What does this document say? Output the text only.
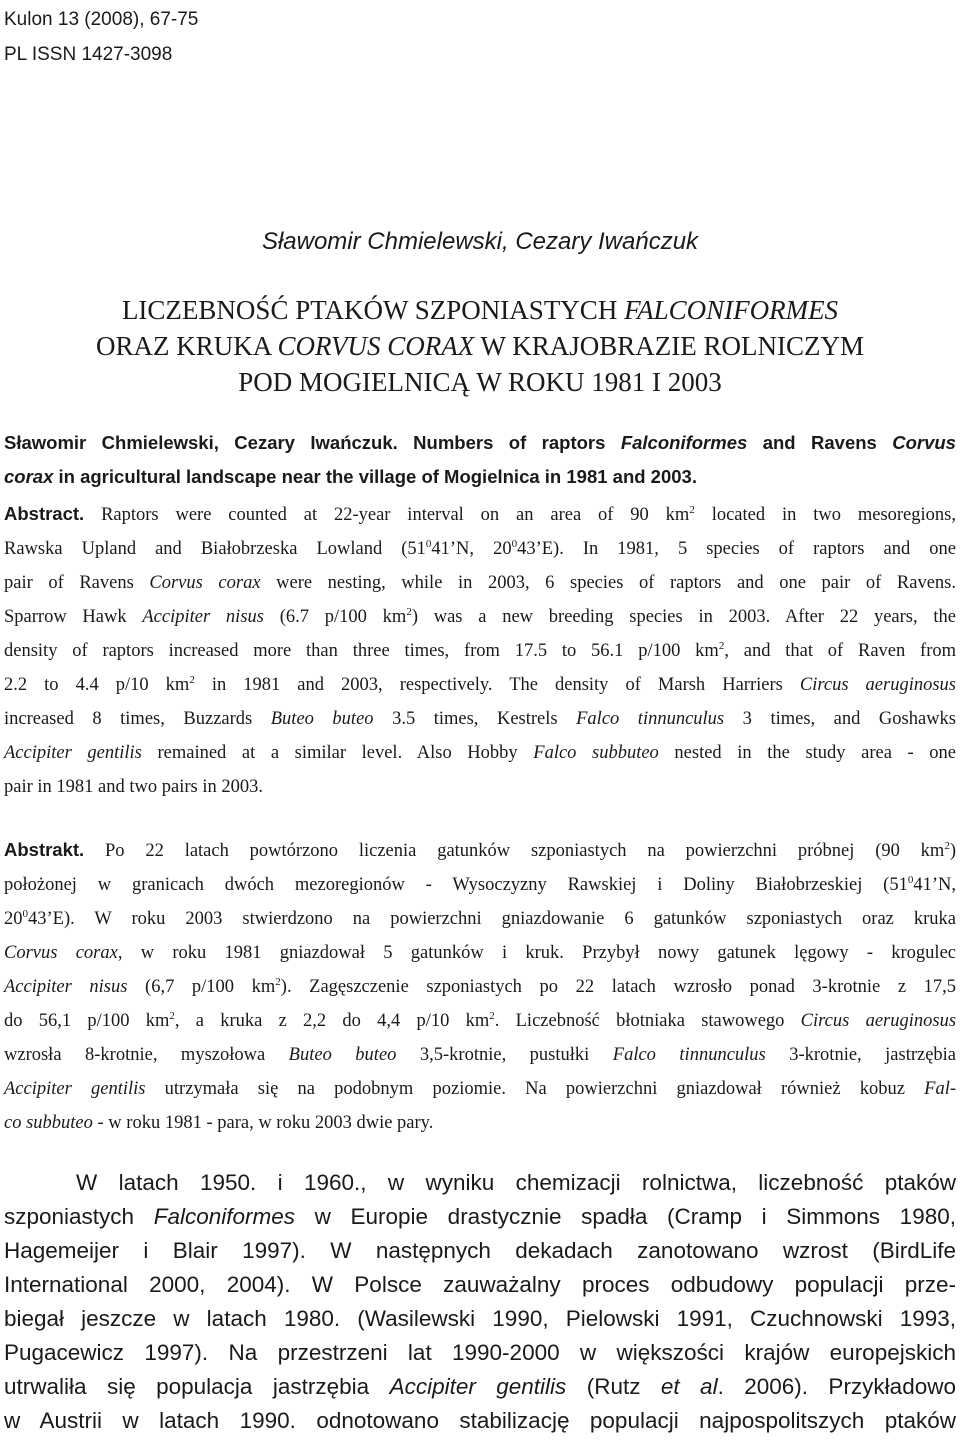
Kulon 13 (2008), 67-75
PL ISSN 1427-3098
Sławomir Chmielewski, Cezary Iwańczuk
LICZEBNOŚĆ PTAKÓW SZPONIASTYCH FALCONIFORMES
ORAZ KRUKA CORVUS CORAX W KRAJOBRAZIE ROLNICZYM
POD MOGIELNICĄ W ROKU 1981 I 2003
Sławomir Chmielewski, Cezary Iwańczuk. Numbers of raptors Falconiformes and Ravens Corvus
corax in agricultural landscape near the village of Mogielnica in 1981 and 2003.
Abstract. Raptors were counted at 22-year interval on an area of 90 $km^2$ located in two mesoregions,
Rawska Upland and Białobrzeska Lowland ($51^041’N$, $20^043’E$). In 1981, 5 species of raptors and one
pair of Ravens Corvus corax were nesting, while in 2003, 6 species of raptors and one pair of Ravens.
Sparrow Hawk Accipiter nisus (6.7 p/100 $km^2$) was a new breeding species in 2003. After 22 years, the
density of raptors increased more than three times, from 17.5 to 56.1 p/100 $km^2$, and that of Raven from
2.2 to 4.4 p/10 $km^2$ in 1981 and 2003, respectively. The density of Marsh Harriers Circus aeruginosus
increased 8 times, Buzzards Buteo buteo 3.5 times, Kestrels Falco tinnunculus 3 times, and Goshawks
Accipiter gentilis remained at a similar level. Also Hobby Falco subbuteo nested in the study area - one
pair in 1981 and two pairs in 2003.
Abstrakt. Po 22 latach powtórzono liczenia gatunków szponiastych na powierzchni próbnej (90 $km^2$)
położonej w granicach dwóch mezoregionów - Wysoczyzny Rawskiej i Doliny Białobrzeskiej ($51^041’N$,
$20^043’E$). W roku 2003 stwierdzono na powierzchni gniazdowanie 6 gatunków szponiastych oraz kruka
Corvus corax, w roku 1981 gniazdował 5 gatunków i kruk. Przybył nowy gatunek lęgowy - krogulec
Accipiter nisus (6,7 p/100 $km^2$). Zagęszczenie szponiastych po 22 latach wzrosło ponad 3-krotnie z 17,5
do 56,1 p/100 $km^2$, a kruka z 2,2 do 4,4 p/10 $km^2$. Liczebność błotniaka stawowego Circus aeruginosus
wzrosła 8-krotnie, myszołowa Buteo buteo 3,5-krotnie, pustułki Falco tinnunculus 3-krotnie, jastrzębia
Accipiter gentilis utrzymała się na podobnym poziomie. Na powierzchni gniazdował również kobuz Fal-
co subbuteo - w roku 1981 - para, w roku 2003 dwie pary.
W latach 1950. i 1960., w wyniku chemizacji rolnictwa, liczebność ptaków
szponiastych Falconiformes w Europie drastycznie spadła (Cramp i Simmons 1980,
Hagemeijer i Blair 1997). W następnych dekadach zanotowano wzrost (BirdLife
International 2000, 2004). W Polsce zauważalny proces odbudowy populacji prze-
biegał jeszcze w latach 1980. (Wasilewski 1990, Pielowski 1991, Czuchnowski 1993,
Pugacewicz 1997). Na przestrzeni lat 1990-2000 w większości krajów europejskich
utrwaliła się populacja jastrzębia Accipiter gentilis (Rutz et al. 2006). Przykładowo
w Austrii w latach 1990. odnotowano stabilizację populacji najpospolitszych ptaków
